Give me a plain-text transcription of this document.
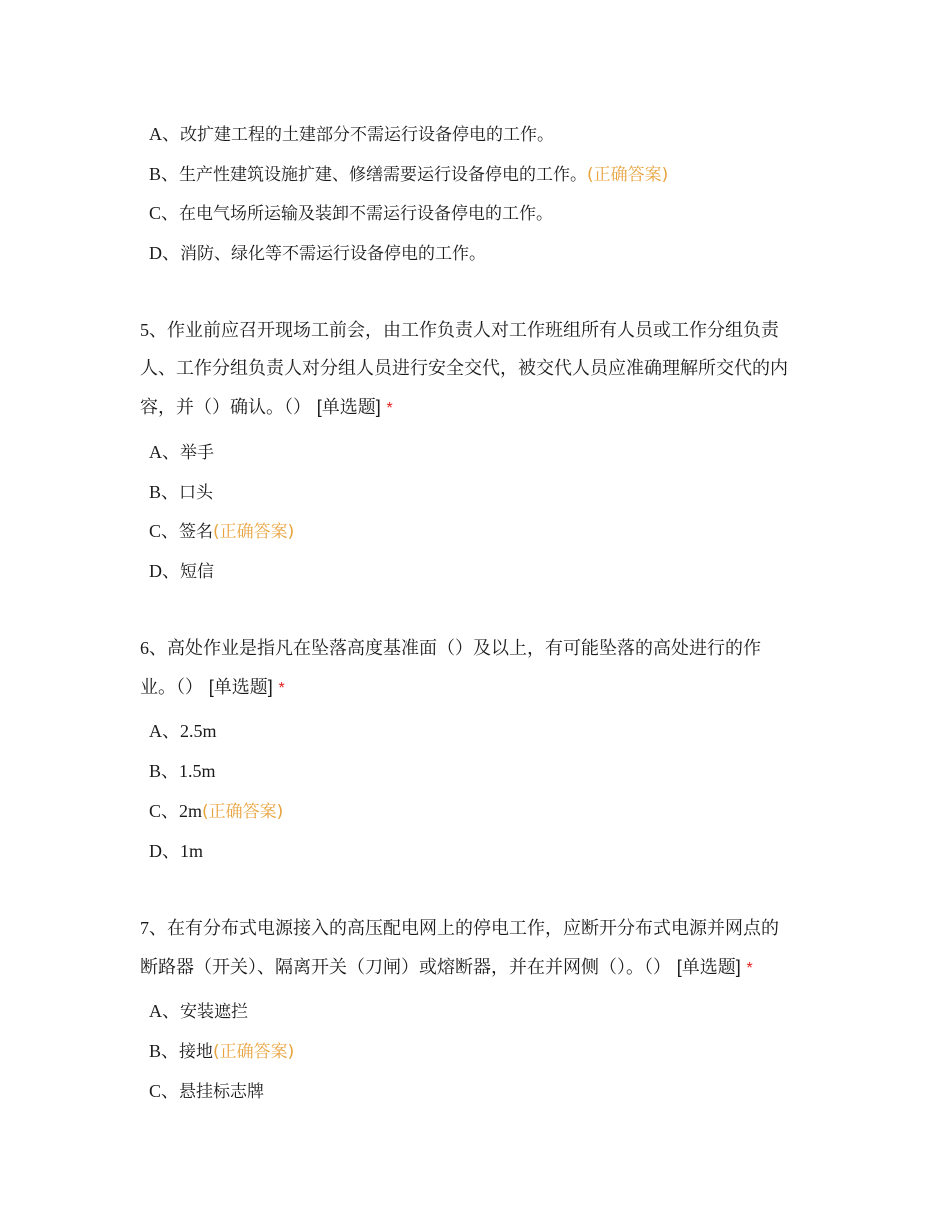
A、改扩建工程的土建部分不需运行设备停电的工作。
B、生产性建筑设施扩建、修缮需要运行设备停电的工作。(正确答案)
C、在电气场所运输及装卸不需运行设备停电的工作。
D、消防、绿化等不需运行设备停电的工作。
5、作业前应召开现场工前会，由工作负责人对工作班组所有人员或工作分组负责
人、工作分组负责人对分组人员进行安全交代，被交代人员应准确理解所交代的内
容，并（）确认。（） [单选题] *
A、举手
B、口头
C、签名(正确答案)
D、短信
6、高处作业是指凡在坠落高度基准面（）及以上，有可能坠落的高处进行的作
业。（） [单选题] *
A、2.5m
B、1.5m
C、2m(正确答案)
D、1m
7、在有分布式电源接入的高压配电网上的停电工作，应断开分布式电源并网点的
断路器（开关）、隔离开关（刀闸）或熔断器，并在并网侧（）。（） [单选题] *
A、安装遮拦
B、接地(正确答案)
C、悬挂标志牌
